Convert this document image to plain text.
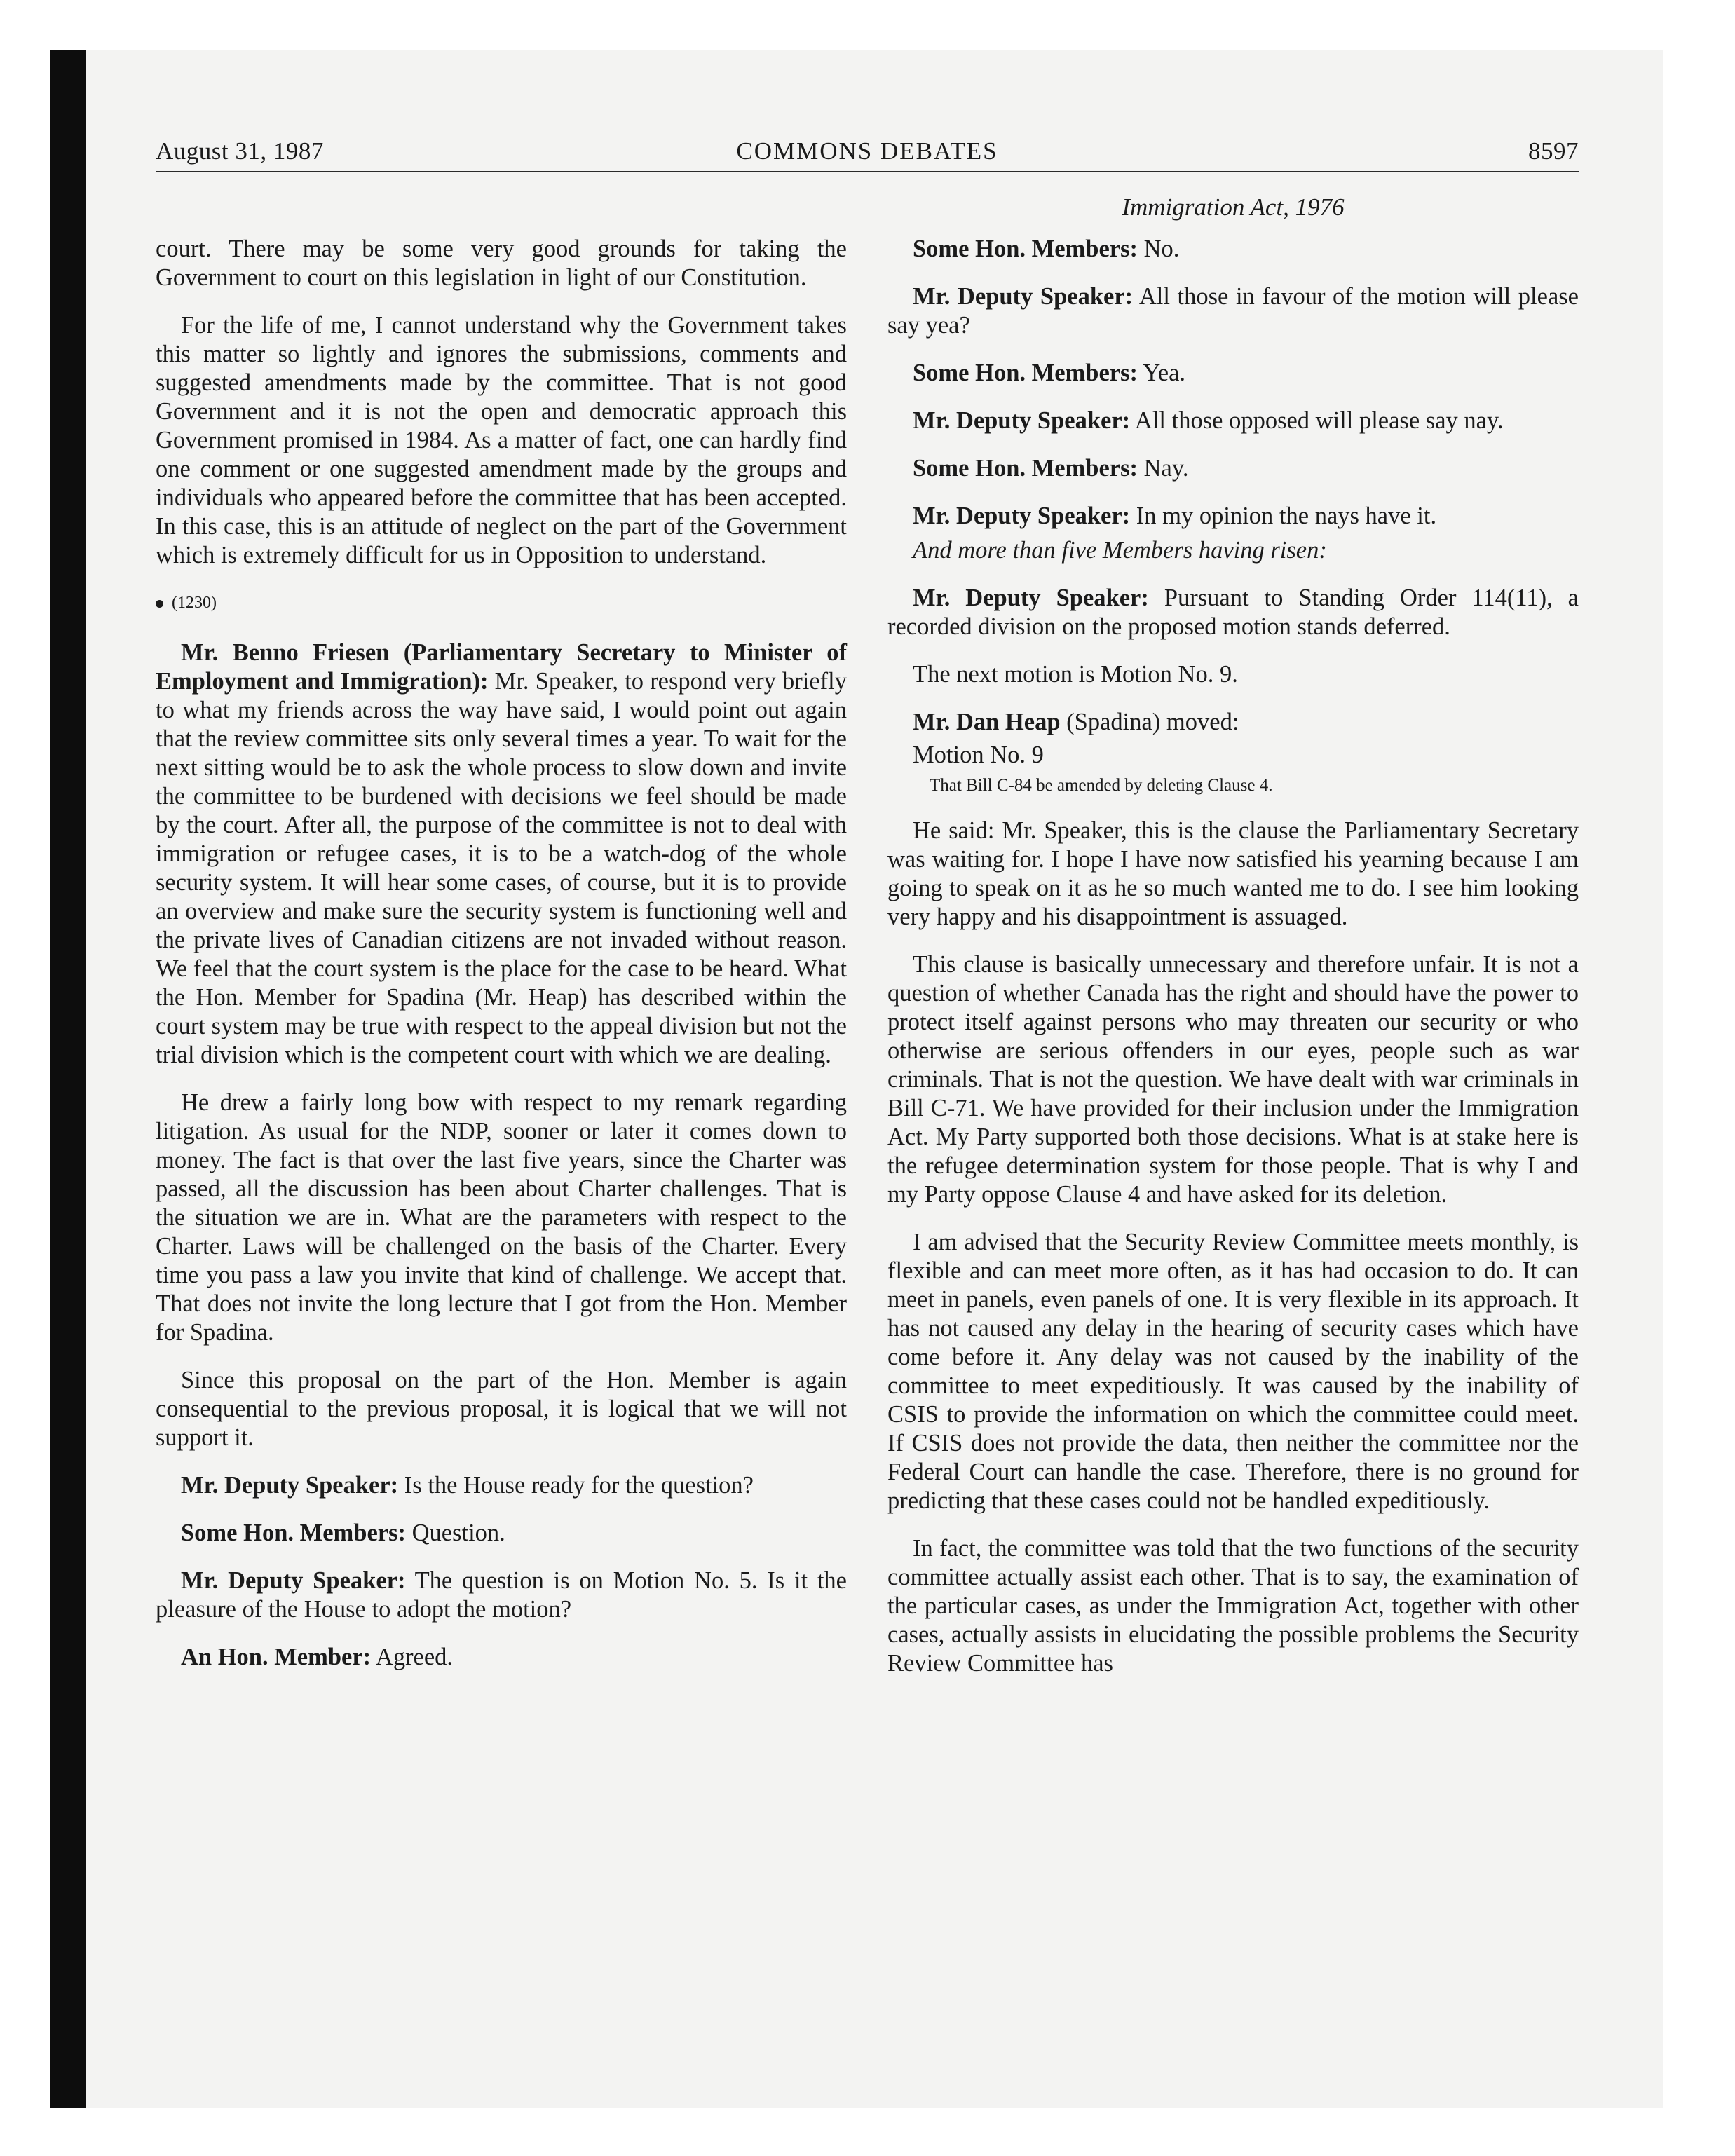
August 31, 1987	COMMONS DEBATES	8597
Immigration Act, 1976

court. There may be some very good grounds for taking the Government to court on this legislation in light of our Constitution.

For the life of me, I cannot understand why the Government takes this matter so lightly and ignores the submissions, comments and suggested amendments made by the committee. That is not good Government and it is not the open and democratic approach this Government promised in 1984. As a matter of fact, one can hardly find one comment or one suggested amendment made by the groups and individuals who appeared before the committee that has been accepted. In this case, this is an attitude of neglect on the part of the Government which is extremely difficult for us in Opposition to understand.

(1230)

Mr. Benno Friesen (Parliamentary Secretary to Minister of Employment and Immigration): Mr. Speaker, to respond very briefly to what my friends across the way have said, I would point out again that the review committee sits only several times a year. To wait for the next sitting would be to ask the whole process to slow down and invite the committee to be burdened with decisions we feel should be made by the court. After all, the purpose of the committee is not to deal with immigration or refugee cases, it is to be a watch-dog of the whole security system. It will hear some cases, of course, but it is to provide an overview and make sure the security system is functioning well and the private lives of Canadian citizens are not invaded without reason. We feel that the court system is the place for the case to be heard. What the Hon. Member for Spadina (Mr. Heap) has described within the court system may be true with respect to the appeal division but not the trial division which is the competent court with which we are dealing.

He drew a fairly long bow with respect to my remark regarding litigation. As usual for the NDP, sooner or later it comes down to money. The fact is that over the last five years, since the Charter was passed, all the discussion has been about Charter challenges. That is the situation we are in. What are the parameters with respect to the Charter. Laws will be challenged on the basis of the Charter. Every time you pass a law you invite that kind of challenge. We accept that. That does not invite the long lecture that I got from the Hon. Member for Spadina.

Since this proposal on the part of the Hon. Member is again consequential to the previous proposal, it is logical that we will not support it.

Mr. Deputy Speaker: Is the House ready for the question?

Some Hon. Members: Question.

Mr. Deputy Speaker: The question is on Motion No. 5. Is it the pleasure of the House to adopt the motion?

An Hon. Member: Agreed.

Some Hon. Members: No.

Mr. Deputy Speaker: All those in favour of the motion will please say yea?

Some Hon. Members: Yea.

Mr. Deputy Speaker: All those opposed will please say nay.

Some Hon. Members: Nay.

Mr. Deputy Speaker: In my opinion the nays have it.

And more than five Members having risen:

Mr. Deputy Speaker: Pursuant to Standing Order 114(11), a recorded division on the proposed motion stands deferred.

The next motion is Motion No. 9.

Mr. Dan Heap (Spadina) moved:

Motion No. 9

That Bill C-84 be amended by deleting Clause 4.

He said: Mr. Speaker, this is the clause the Parliamentary Secretary was waiting for. I hope I have now satisfied his yearning because I am going to speak on it as he so much wanted me to do. I see him looking very happy and his disappointment is assuaged.

This clause is basically unnecessary and therefore unfair. It is not a question of whether Canada has the right and should have the power to protect itself against persons who may threaten our security or who otherwise are serious offenders in our eyes, people such as war criminals. That is not the question. We have dealt with war criminals in Bill C-71. We have provided for their inclusion under the Immigration Act. My Party supported both those decisions. What is at stake here is the refugee determination system for those people. That is why I and my Party oppose Clause 4 and have asked for its deletion.

I am advised that the Security Review Committee meets monthly, is flexible and can meet more often, as it has had occasion to do. It can meet in panels, even panels of one. It is very flexible in its approach. It has not caused any delay in the hearing of security cases which have come before it. Any delay was not caused by the inability of the committee to meet expeditiously. It was caused by the inability of CSIS to provide the information on which the committee could meet. If CSIS does not provide the data, then neither the committee nor the Federal Court can handle the case. Therefore, there is no ground for predicting that these cases could not be handled expeditiously.

In fact, the committee was told that the two functions of the security committee actually assist each other. That is to say, the examination of the particular cases, as under the Immigration Act, together with other cases, actually assists in elucidating the possible problems the Security Review Committee has
